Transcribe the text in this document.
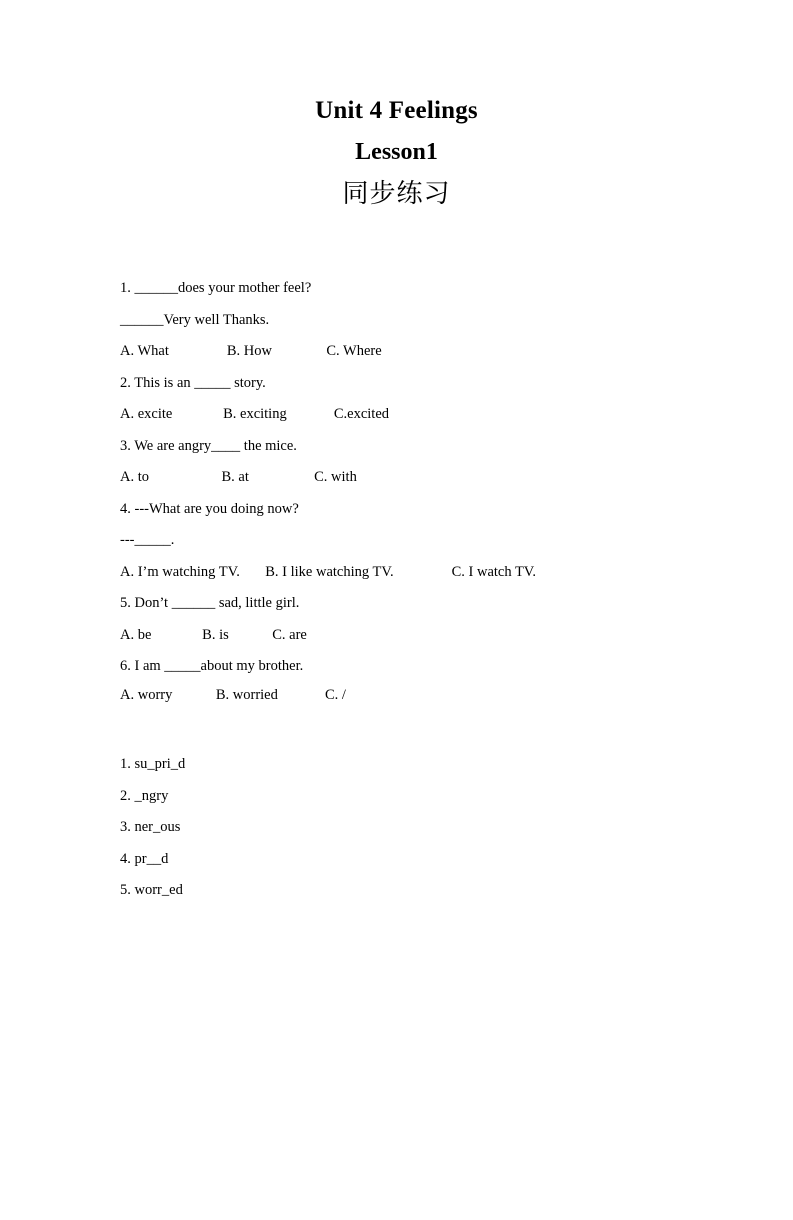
Unit 4 Feelings
Lesson1
同步练习
1. ______does your mother feel?
______Very well Thanks.
A. What                B. How               C. Where
2. This is an _____ story.
A. excite              B. exciting             C.excited
3. We are angry____ the mice.
A. to                    B. at                  C. with
4. ---What are you doing now?
---_____.
A. I’m watching TV.       B. I like watching TV.                C. I watch TV.
5. Don’t ______ sad, little girl.
A. be              B. is            C. are
6. I am _____about my brother.
A. worry            B. worried             C. /
1. su_pri_d
2. _ngry
3. ner_ous
4. pr__d
5. worr_ed
